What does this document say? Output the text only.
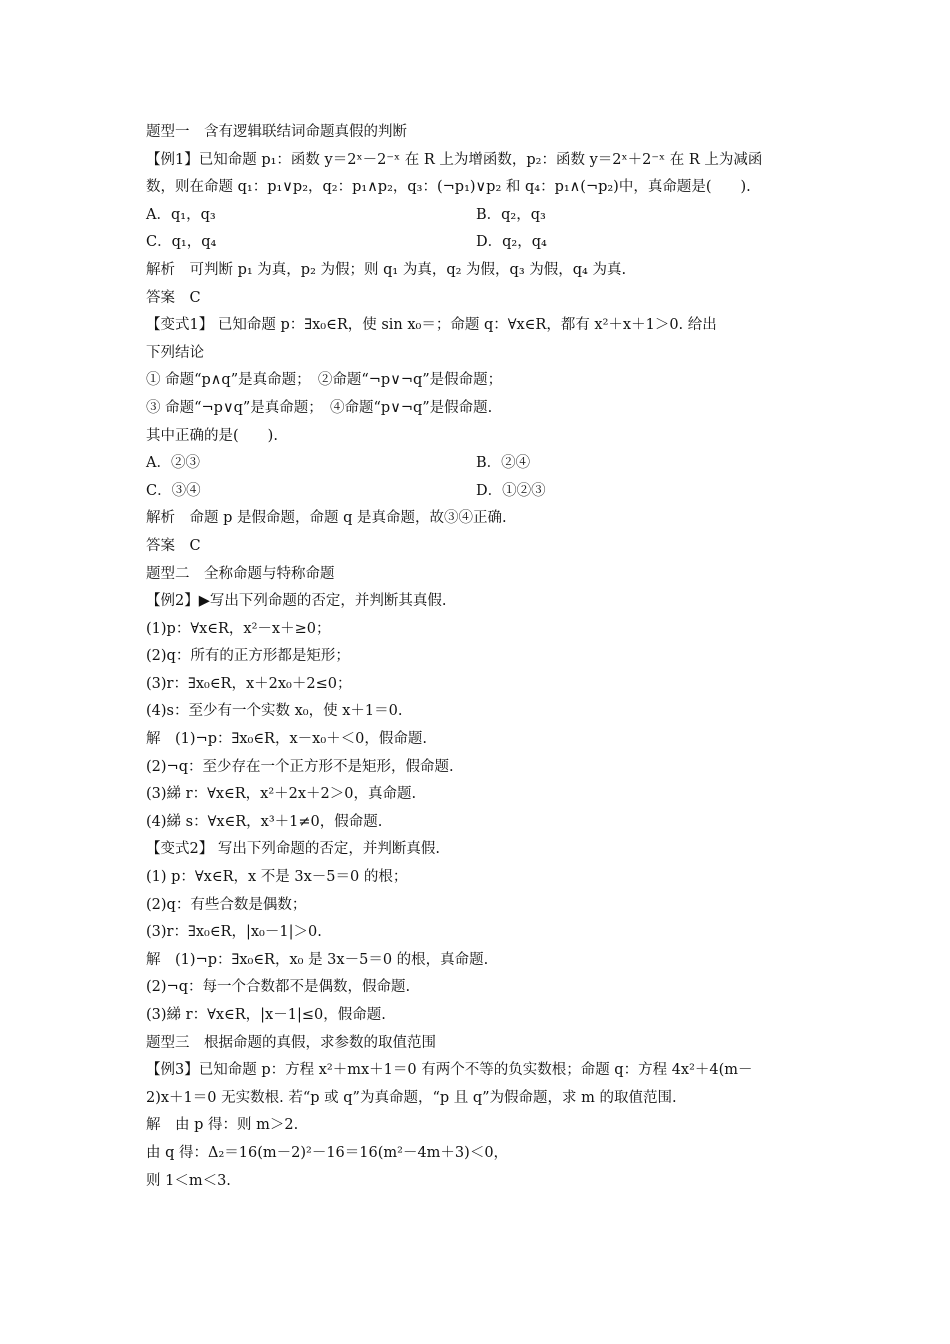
题型一　含有逻辑联结词命题真假的判断
【例1】已知命题 p₁：函数 y＝2ˣ－2⁻ˣ 在 R 上为增函数，p₂：函数 y＝2ˣ＋2⁻ˣ 在 R 上为减函
数，则在命题 q₁：p₁∨p₂，q₂：p₁∧p₂，q₃：(¬p₁)∨p₂ 和 q₄：p₁∧(¬p₂)中，真命题是(　　).
A．q₁，q₃	B．q₂，q₃
C．q₁，q₄	D．q₂，q₄
解析　可判断 p₁ 为真，p₂ 为假；则 q₁ 为真，q₂ 为假，q₃ 为假，q₄ 为真.
答案　C
【变式1】 已知命题 p：∃x₀∈R，使 sin x₀＝；命题 q：∀x∈R，都有 x²＋x＋1＞0. 给出
下列结论
① 命题“p∧q”是真命题；　②命题“¬p∨¬q”是假命题；
③ 命题“¬p∨q”是真命题；　④命题“p∨¬q”是假命题.
其中正确的是(　　).
A．②③	B．②④
C．③④	D．①②③
解析　命题 p 是假命题，命题 q 是真命题，故③④正确.
答案　C
题型二　全称命题与特称命题
【例2】▶写出下列命题的否定，并判断其真假.
(1)p：∀x∈R，x²－x＋≥0；
(2)q：所有的正方形都是矩形；
(3)r：∃x₀∈R，x＋2x₀＋2≤0；
(4)s：至少有一个实数 x₀，使 x＋1＝0.
解　(1)¬p：∃x₀∈R，x－x₀＋＜0，假命题.
(2)¬q：至少存在一个正方形不是矩形，假命题.
(3)綈 r：∀x∈R，x²＋2x＋2＞0，真命题.
(4)綈 s：∀x∈R，x³＋1≠0，假命题.
【变式2】 写出下列命题的否定，并判断真假.
(1) p：∀x∈R，x 不是 3x－5＝0 的根；
(2)q：有些合数是偶数；
(3)r：∃x₀∈R，|x₀－1|＞0.
解　(1)¬p：∃x₀∈R，x₀ 是 3x－5＝0 的根，真命题.
(2)¬q：每一个合数都不是偶数，假命题.
(3)綈 r：∀x∈R，|x－1|≤0，假命题.
题型三　根据命题的真假，求参数的取值范围
【例3】已知命题 p：方程 x²＋mx＋1＝0 有两个不等的负实数根；命题 q：方程 4x²＋4(m－
2)x＋1＝0 无实数根. 若“p 或 q”为真命题，“p 且 q”为假命题，求 m 的取值范围.
解　由 p 得：则 m＞2.
由 q 得：Δ₂＝16(m－2)²－16＝16(m²－4m＋3)＜0，
则 1＜m＜3.
